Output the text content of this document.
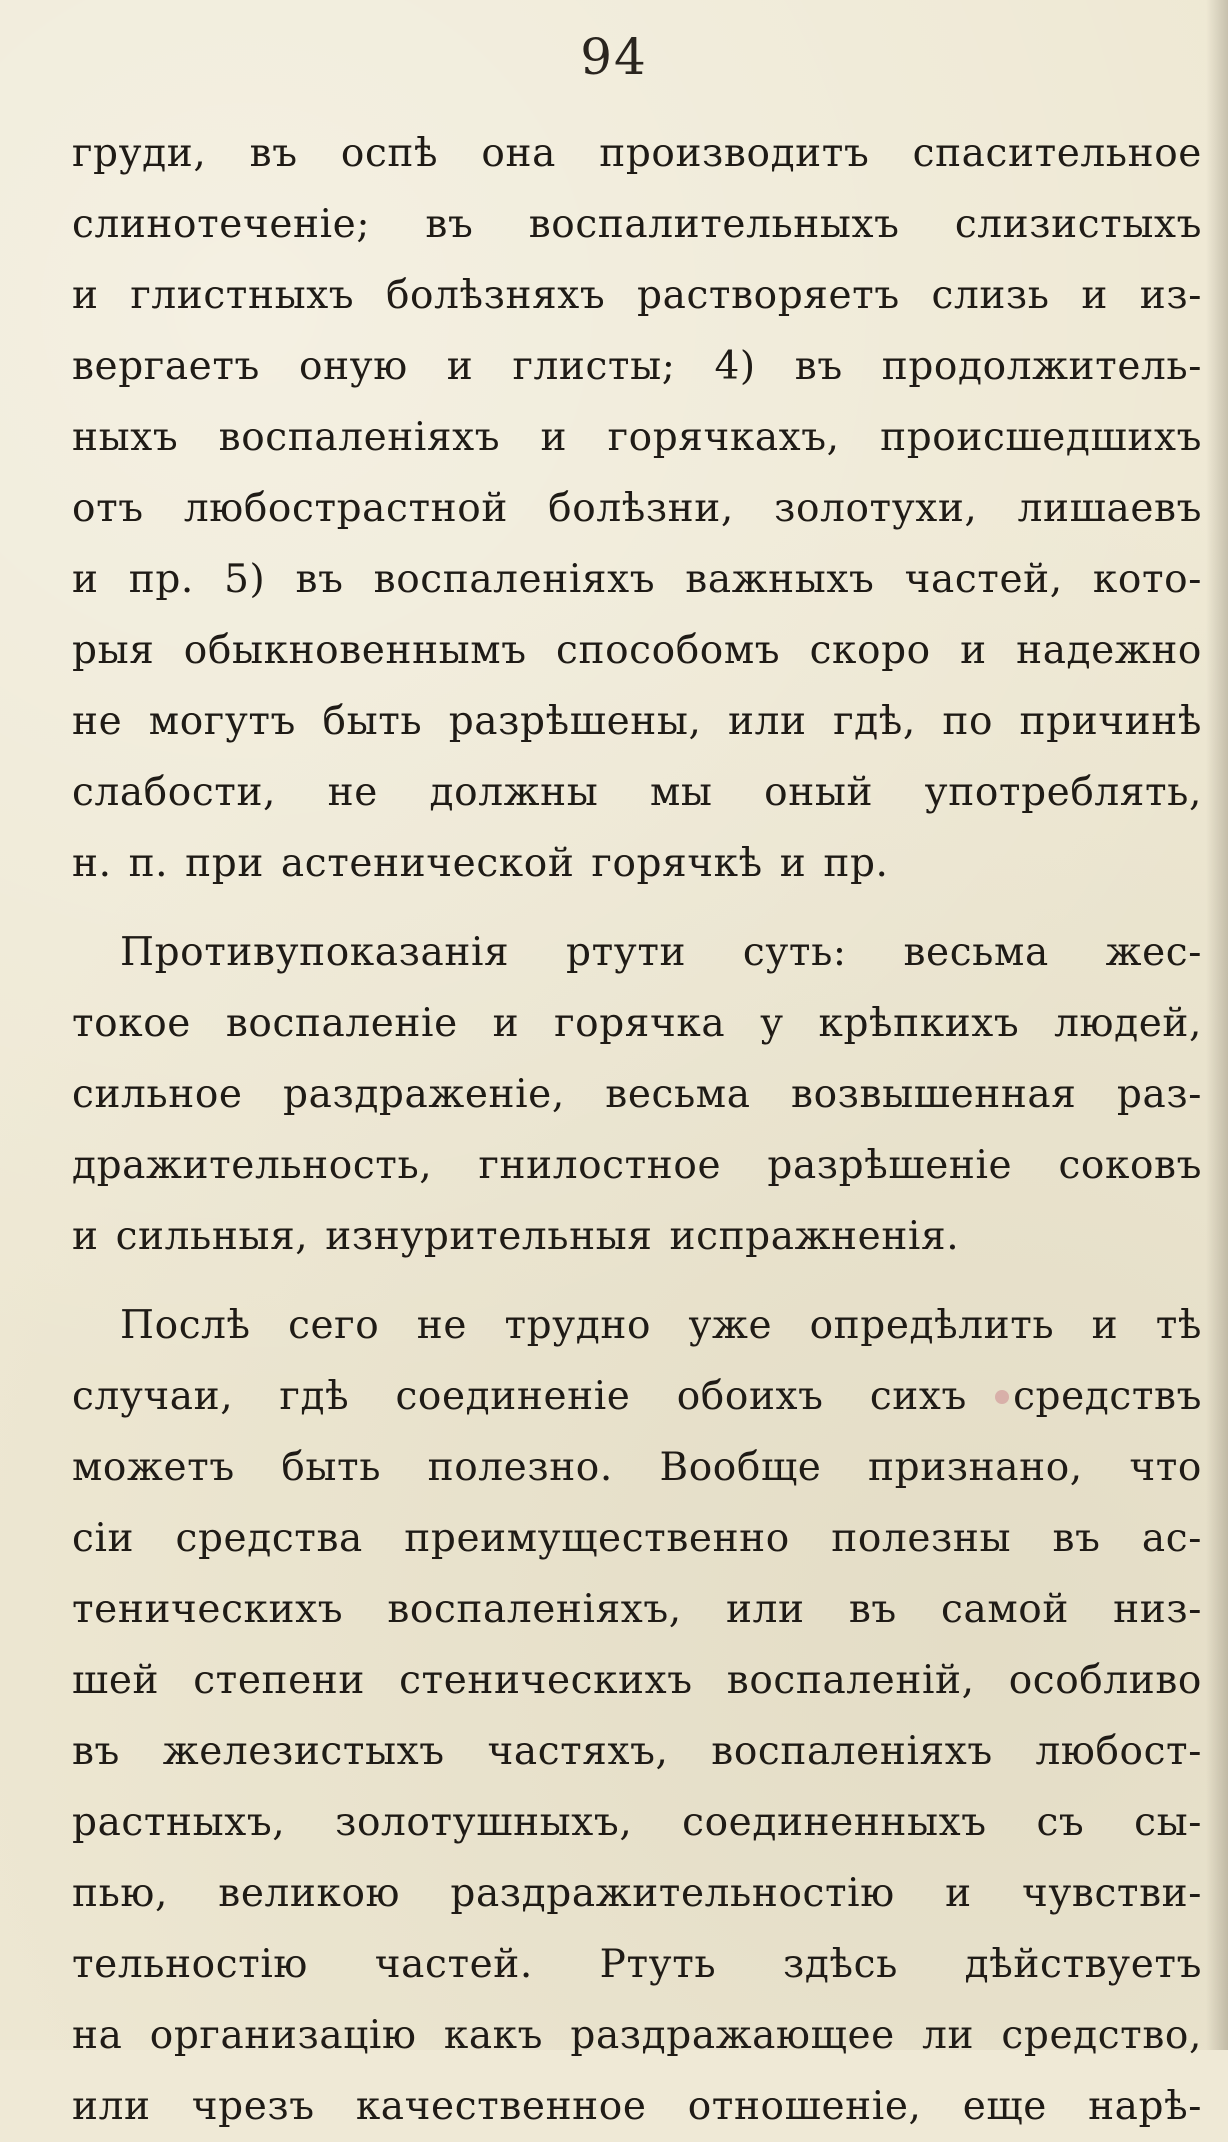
94
груди, въ оспѣ она производитъ спасительное
слинотеченіе; въ воспалительныхъ слизистыхъ
и глистныхъ болѣзняхъ растворяетъ слизь и из-
вергаетъ оную и глисты; 4) въ продолжитель-
ныхъ воспаленіяхъ и горячкахъ, происшедшихъ
отъ любострастной болѣзни, золотухи, лишаевъ
и пр. 5) въ воспаленіяхъ важныхъ частей, кото-
рыя обыкновеннымъ способомъ скоро и надежно
не могутъ быть разрѣшены, или гдѣ, по причинѣ
слабости, не должны мы оный употреблять,
н. п. при астенической горячкѣ и пр.
Противупоказанія ртути суть: весьма жес-
токое воспаленіе и горячка у крѣпкихъ людей,
сильное раздраженіе, весьма возвышенная раз-
дражительность, гнилостное разрѣшеніе соковъ
и сильныя, изнурительныя испражненія.
Послѣ сего не трудно уже опредѣлить и тѣ
случаи, гдѣ соединеніе обоихъ сихъ средствъ
можетъ быть полезно. Вообще признано, что
сіи средства преимущественно полезны въ ас-
теническихъ воспаленіяхъ, или въ самой низ-
шей степени стеническихъ воспаленій, особливо
въ железистыхъ частяхъ, воспаленіяхъ любост-
растныхъ, золотушныхъ, соединенныхъ съ сы-
пью, великою раздражительностію и чувстви-
тельностію частей. Ртуть здѣсь дѣйствуетъ
на организацію какъ раздражающее ли средство,
или чрезъ качественное отношеніе, еще нарѣ-
